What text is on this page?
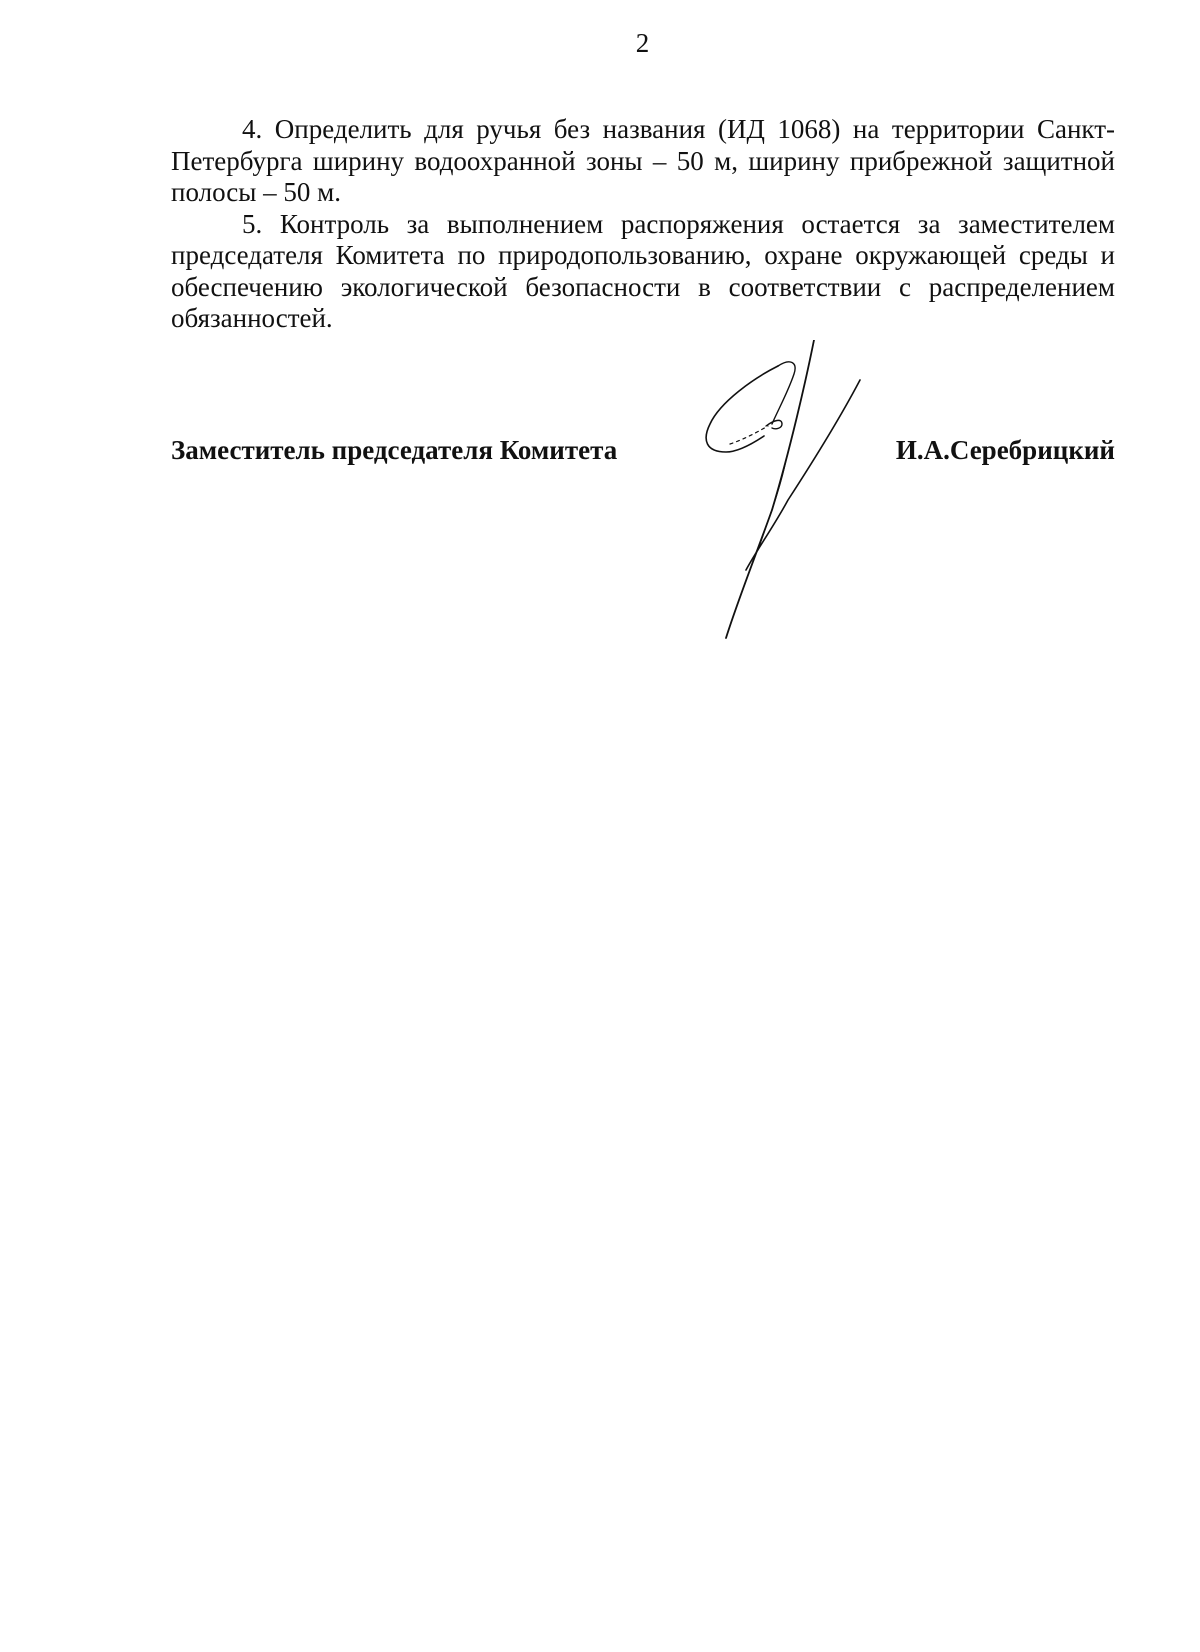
2

4. Определить для ручья без названия (ИД 1068) на территории Санкт-Петербурга ширину водоохранной зоны – 50 м, ширину прибрежной защитной полосы – 50 м.

5. Контроль за выполнением распоряжения остается за заместителем председателя Комитета по природопользованию, охране окружающей среды и обеспечению экологической безопасности в соответствии с распределением обязанностей.

Заместитель председателя Комитета	И.А.Серебрицкий
